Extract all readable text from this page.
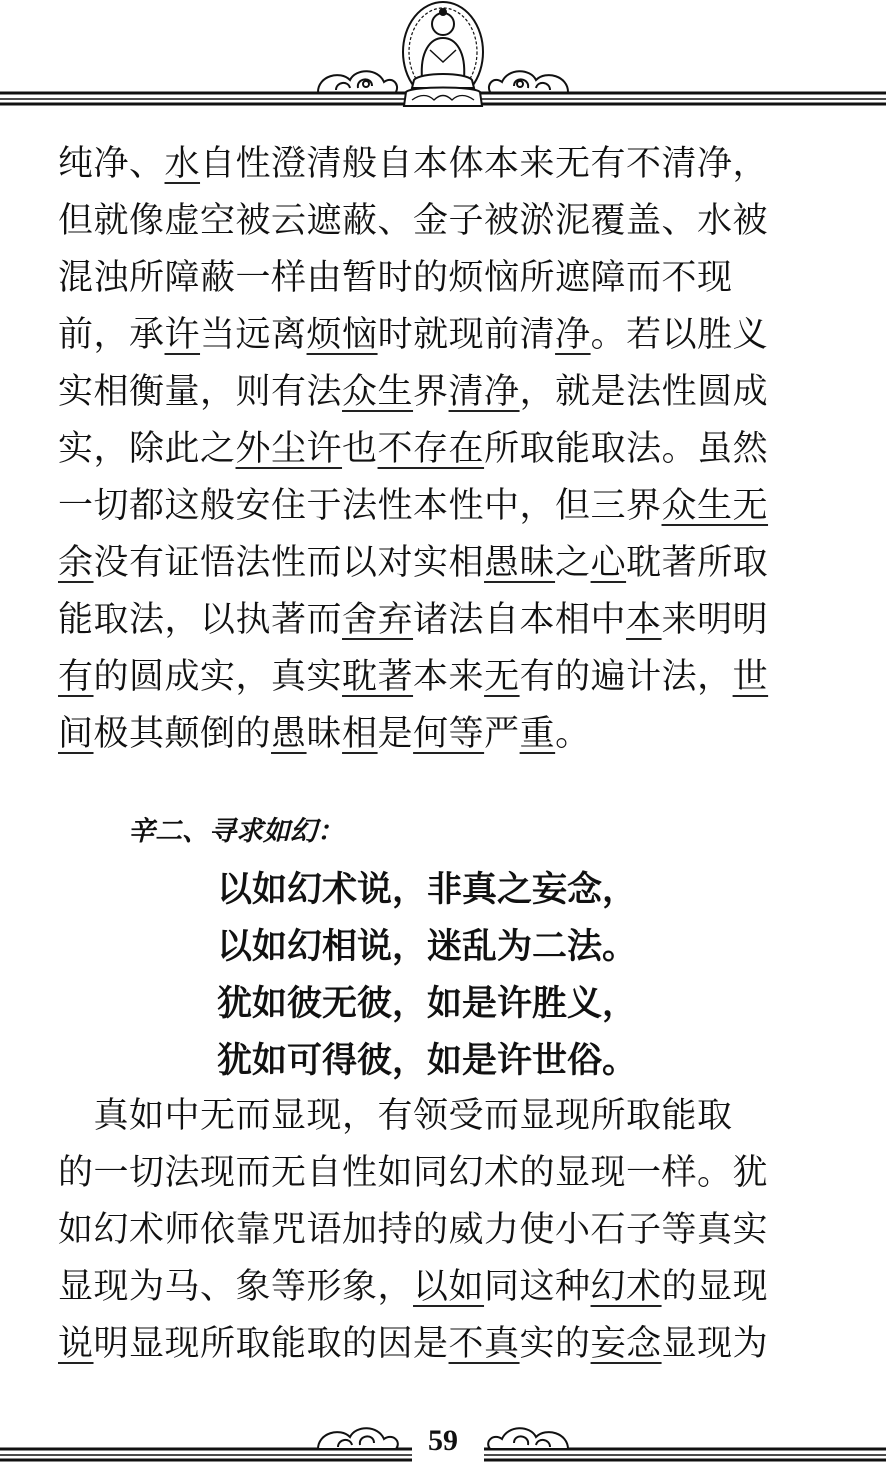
纯净、水自性澄清般自本体本来无有不清净，

但就像虚空被云遮蔽、金子被淤泥覆盖、水被

混浊所障蔽一样由暂时的烦恼所遮障而不现

前，承许当远离烦恼时就现前清净。若以胜义

实相衡量，则有法众生界清净，就是法性圆成

实，除此之外尘许也不存在所取能取法。虽然

一切都这般安住于法性本性中，但三界众生无

余没有证悟法性而以对实相愚昧之心耽著所取

能取法，以执著而舍弃诸法自本相中本来明明

有的圆成实，真实耽著本来无有的遍计法，世

间极其颠倒的愚昧相是何等严重。

辛二、寻求如幻：

以如幻术说，非真之妄念，

以如幻相说，迷乱为二法。

犹如彼无彼，如是许胜义，

犹如可得彼，如是许世俗。

　真如中无而显现，有领受而显现所取能取

的一切法现而无自性如同幻术的显现一样。犹

如幻术师依靠咒语加持的威力使小石子等真实

显现为马、象等形象，以如同这种幻术的显现

说明显现所取能取的因是不真实的妄念显现为

59
